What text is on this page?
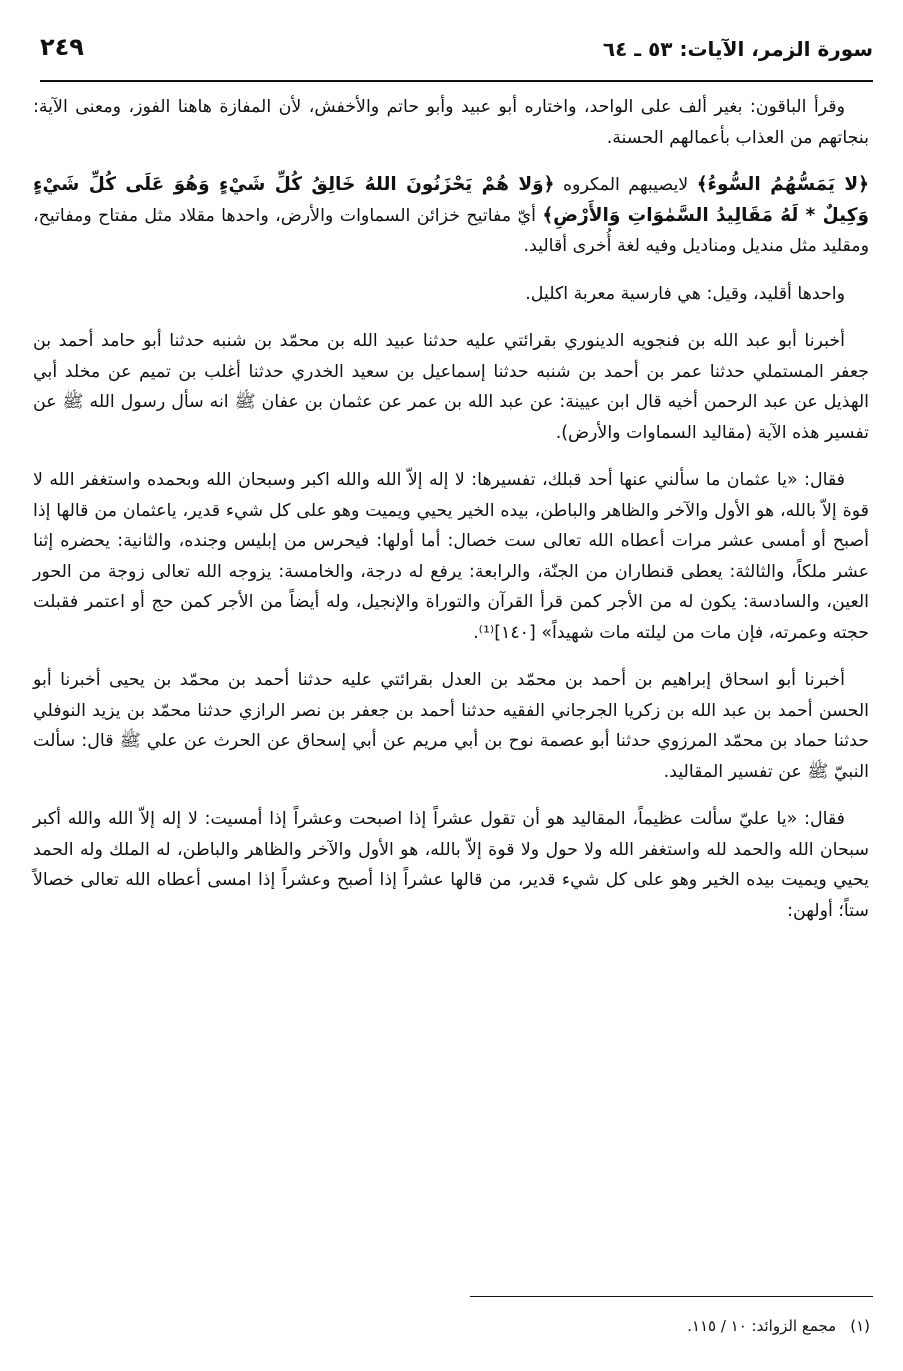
سورة الزمر، الآيات: ٥٣ ـ ٦٤
٢٤٩

وقرأ الباقون: بغير ألف على الواحد، واختاره أبو عبيد وأبو حاتم والأخفش، لأن المفازة هاهنا الفوز، ومعنى الآية: بنجاتهم من العذاب بأعمالهم الحسنة.

﴿لا يَمَسُّهُمُ السُّوءُ﴾ لايصيبهم المكروه ﴿وَلا هُمْ يَحْزَنُونَ اللهُ خَالِقُ كُلِّ شَيْءٍ وَهُوَ عَلَى كُلِّ شَيْءٍ وَكِيلٌ * لَهُ مَقَالِيدُ السَّمٰوَاتِ وَالأَرْضِ﴾ أيّ مفاتيح خزائن السماوات والأرض، واحدها مقلاد مثل مفتاح ومفاتيح، ومقليد مثل منديل ومناديل وفيه لغة أُخرى أقاليد.

واحدها أقليد، وقيل: هي فارسية معربة اكليل.

أخبرنا أبو عبد الله بن فنجويه الدينوري بقرائتي عليه حدثنا عبيد الله بن محمّد بن شنبه حدثنا أبو حامد أحمد بن جعفر المستملي حدثنا عمر بن أحمد بن شنبه حدثنا إسماعيل بن سعيد الخدري حدثنا أغلب بن تميم عن مخلد أبي الهذيل عن عبد الرحمن أخيه قال ابن عيينة: عن عبد الله بن عمر عن عثمان بن عفان ﷺ انه سأل رسول الله ﷺ عن تفسير هذه الآية (مقاليد السماوات والأرض).

فقال: «يا عثمان ما سألني عنها أحد قبلك، تفسيرها: لا إله إلاّ الله والله اكبر وسبحان الله وبحمده واستغفر الله لا قوة إلاّ بالله، هو الأول والآخر والظاهر والباطن، بيده الخير يحيي ويميت وهو على كل شيء قدير، ياعثمان من قالها إذا أصبح أو أمسى عشر مرات أعطاه الله تعالى ست خصال: أما أولها: فيحرس من إبليس وجنده، والثانية: يحضره إثنا عشر ملكاً، والثالثة: يعطى قنطاران من الجنّة، والرابعة: يرفع له درجة، والخامسة: يزوجه الله تعالى زوجة من الحور العين، والسادسة: يكون له من الأجر كمن قرأ القرآن والتوراة والإنجيل، وله أيضاً من الأجر كمن حج أو اعتمر فقبلت حجته وعمرته، فإن مات من ليلته مات شهيداً» [١٤٠]⁽¹⁾.

أخبرنا أبو اسحاق إبراهيم بن أحمد بن محمّد بن العدل بقرائتي عليه حدثنا أحمد بن محمّد بن يحيى أخبرنا أبو الحسن أحمد بن عبد الله بن زكريا الجرجاني الفقيه حدثنا أحمد بن جعفر بن نصر الرازي حدثنا محمّد بن يزيد النوفلي حدثنا حماد بن محمّد المرزوي حدثنا أبو عصمة نوح بن أبي مريم عن أبي إسحاق عن الحرث عن علي ﷺ قال: سألت النبيّ ﷺ عن تفسير المقاليد.

فقال: «يا عليّ سألت عظيماً، المقاليد هو أن تقول عشراً إذا اصبحت وعشراً إذا أمسيت: لا إله إلاّ الله والله أكبر سبحان الله والحمد لله واستغفر الله ولا حول ولا قوة إلاّ بالله، هو الأول والآخر والظاهر والباطن، له الملك وله الحمد يحيي ويميت بيده الخير وهو على كل شيء قدير، من قالها عشراً إذا أصبح وعشراً إذا امسى أعطاه الله تعالى خصالاً ستاً؛ أولهن:

(١)مجمع الزوائد: ١٠ / ١١٥.
